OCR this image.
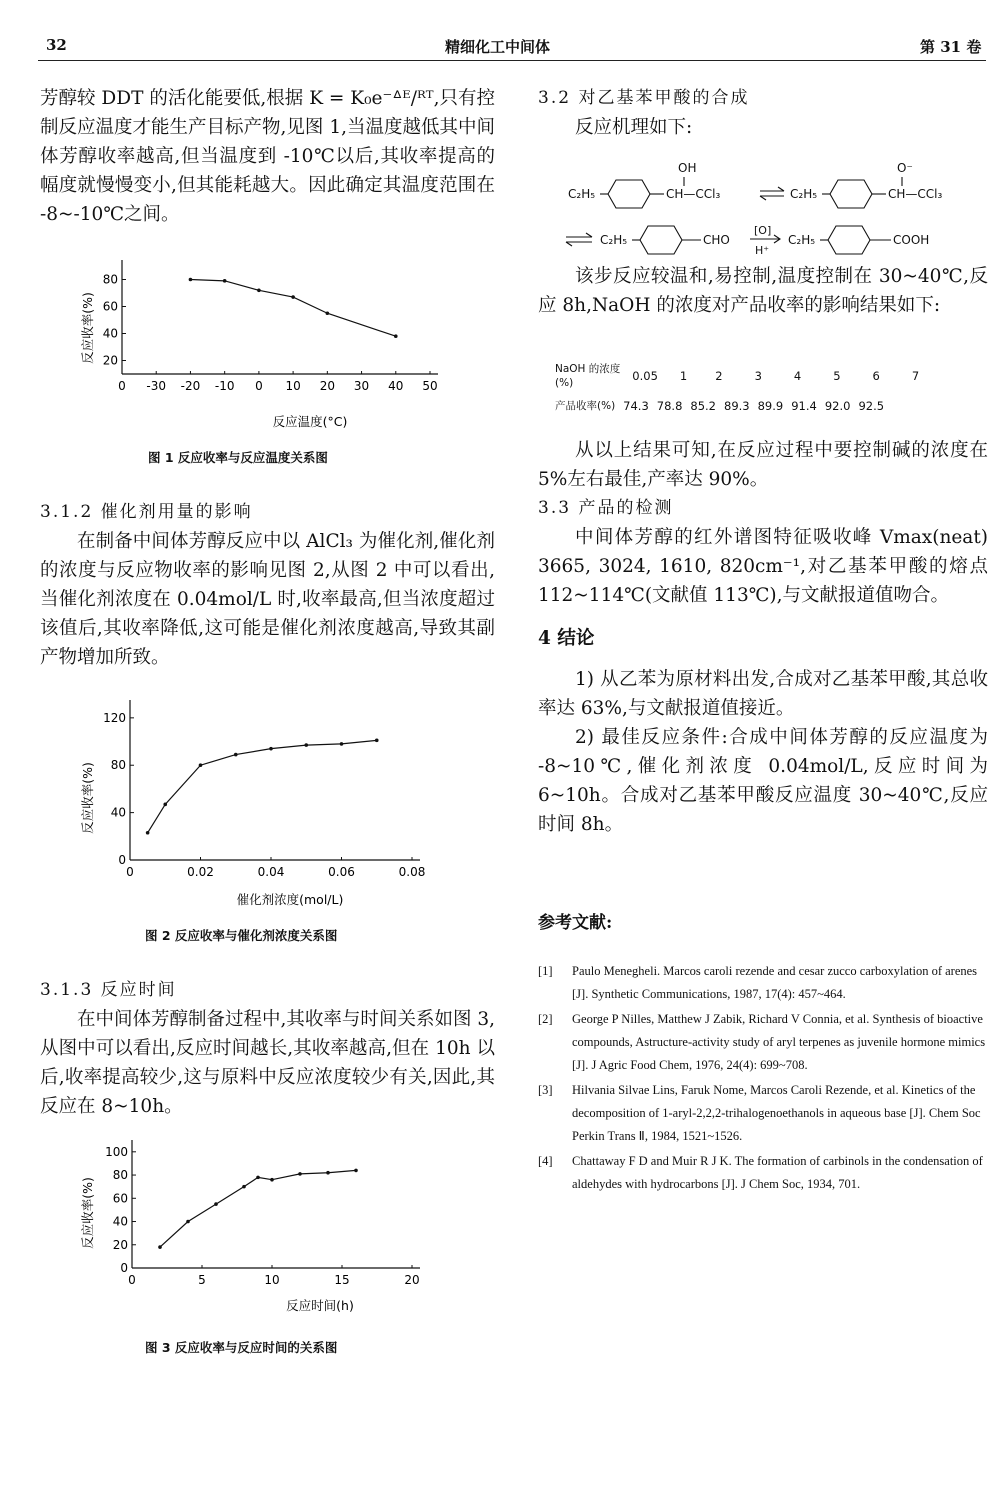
32	精细化工中间体	第 31 卷

芳醇较 DDT 的活化能要低,根据 K = K₀e⁻ᐞᴱ/ᴿᵀ,只有控制反应温度才能生产目标产物,见图 1,当温度越低其中间体芳醇收率越高,但当温度到 -10℃以后,其收率提高的幅度就慢慢变小,但其能耗越大。因此确定其温度范围在 -8~-10℃之间。

0 -30 -20 -10 0 10 20 30 40 50
20
40
60
80
反应温度(°C)
反应收率(%)
图 1 反应收率与反应温度关系图

3.1.2 催化剂用量的影响

在制备中间体芳醇反应中以 AlCl₃ 为催化剂,催化剂的浓度与反应物收率的影响见图 2,从图 2 中可以看出,当催化剂浓度在 0.04mol/L 时,收率最高,但当浓度超过该值后,其收率降低,这可能是催化剂浓度越高,导致其副产物增加所致。

0	0.02	0.04	0.06	0.08
0
40
80
120
催化剂浓度(mol/L)
反应收率(%)
图 2 反应收率与催化剂浓度关系图

3.1.3 反应时间

在中间体芳醇制备过程中,其收率与时间关系如图 3,从图中可以看出,反应时间越长,其收率越高,但在 10h 以后,收率提高较少,这与原料中反应浓度较少有关,因此,其反应在 8~10h。

0	5	10	15	20
0
20
40
60
80
100
反应时间(h)
反应收率(%)
图 3 反应收率与反应时间的关系图

3.2 对乙基苯甲酸的合成

反应机理如下:

C₂H₅
OH
CH—CCl₃	C₂H₅
O⁻
CH—CCl₃
C₂H₅	CHO
[O]
H⁺
C₂H₅	COOH

该步反应较温和,易控制,温度控制在 30~40℃,反应 8h,NaOH 的浓度对产品收率的影响结果如下:

NaOH 的浓度
(%)	0.05	1	2	3	4	5	6	7
产品收率(%)	74.3	78.8	85.2	89.3	89.9	91.4	92.0	92.5

从以上结果可知,在反应过程中要控制碱的浓度在 5%左右最佳,产率达 90%。

3.3 产品的检测

中间体芳醇的红外谱图特征吸收峰 Vmax(neat) 3665, 3024, 1610, 820cm⁻¹,对乙基苯甲酸的熔点 112~114℃(文献值 113℃),与文献报道值吻合。

4 结论

1) 从乙苯为原材料出发,合成对乙基苯甲酸,其总收率达 63%,与文献报道值接近。

2) 最佳反应条件:合成中间体芳醇的反应温度为 -8~10℃,催化剂浓度 0.04mol/L,反应时间为 6~10h。合成对乙基苯甲酸反应温度 30~40℃,反应时间 8h。

参考文献:
[1] Paulo Menegheli. Marcos caroli rezende and cesar zucco carboxylation of arenes [J]. Synthetic Communications, 1987, 17(4): 457~464.
[2] George P Nilles, Matthew J Zabik, Richard V Connia, et al. Synthesis of bioactive compounds, Astructure-activity study of aryl terpenes as juvenile hormone mimics [J]. J Agric Food Chem, 1976, 24(4): 699~708.
[3] Hilvania Silvae Lins, Faruk Nome, Marcos Caroli Rezende, et al. Kinetics of the decomposition of 1-aryl-2,2,2-trihalogenoethanols in aqueous base [J]. Chem Soc Perkin Trans Ⅱ, 1984, 1521~1526.
[4] Chattaway F D and Muir R J K. The formation of carbinols in the condensation of aldehydes with hydrocarbons [J]. J Chem Soc, 1934, 701.
